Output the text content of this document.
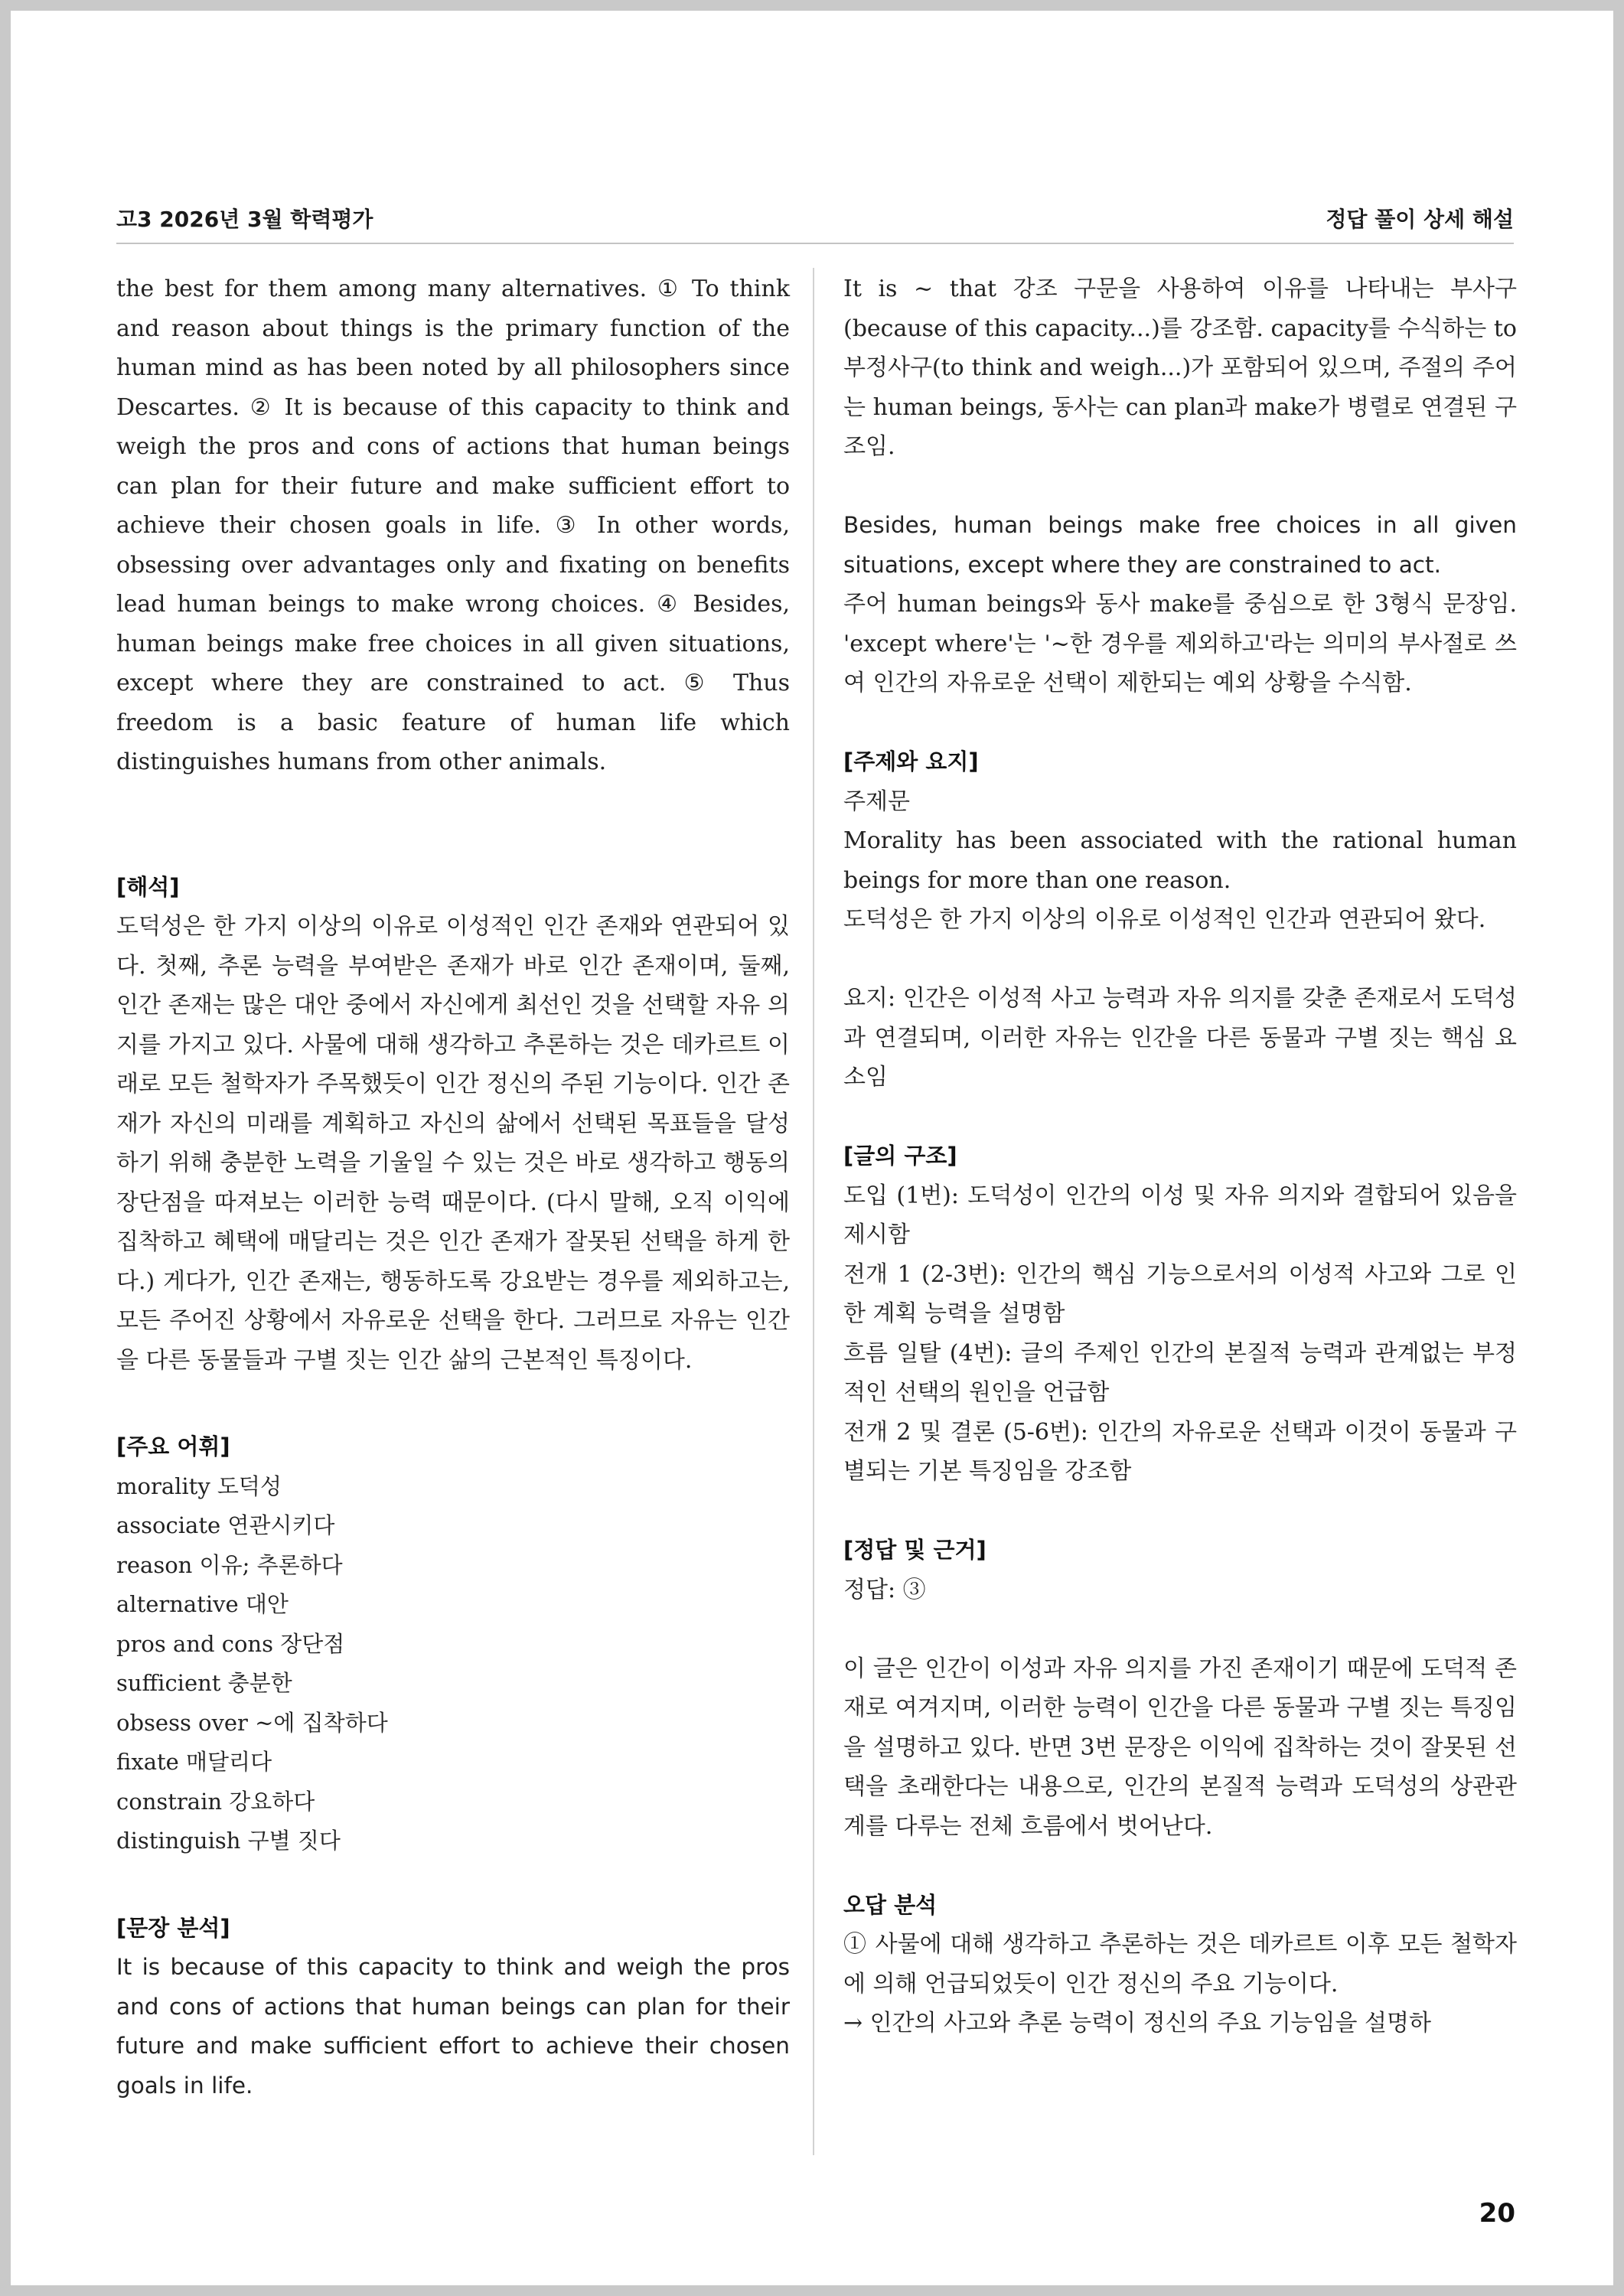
고3 2026년 3월 학력평가	정답 풀이 상세 해설

the best for them among many alternatives. ① To think and reason about things is the primary function of the human mind as has been noted by all philosophers since Descartes. ② It is because of this capacity to think and weigh the pros and cons of actions that human beings can plan for their future and make sufficient effort to achieve their chosen goals in life. ③ In other words, obsessing over advantages only and fixating on benefits lead human beings to make wrong choices. ④ Besides, human beings make free choices in all given situations, except where they are constrained to act. ⑤ Thus freedom is a basic feature of human life which distinguishes humans from other animals.

[해석]

도덕성은 한 가지 이상의 이유로 이성적인 인간 존재와 연관되어 있다. 첫째, 추론 능력을 부여받은 존재가 바로 인간 존재이며, 둘째, 인간 존재는 많은 대안 중에서 자신에게 최선인 것을 선택할 자유 의지를 가지고 있다. 사물에 대해 생각하고 추론하는 것은 데카르트 이래로 모든 철학자가 주목했듯이 인간 정신의 주된 기능이다. 인간 존재가 자신의 미래를 계획하고 자신의 삶에서 선택된 목표들을 달성하기 위해 충분한 노력을 기울일 수 있는 것은 바로 생각하고 행동의 장단점을 따져보는 이러한 능력 때문이다. (다시 말해, 오직 이익에 집착하고 혜택에 매달리는 것은 인간 존재가 잘못된 선택을 하게 한다.) 게다가, 인간 존재는, 행동하도록 강요받는 경우를 제외하고는, 모든 주어진 상황에서 자유로운 선택을 한다. 그러므로 자유는 인간을 다른 동물들과 구별 짓는 인간 삶의 근본적인 특징이다.

[주요 어휘]

morality 도덕성

associate 연관시키다

reason 이유; 추론하다

alternative 대안

pros and cons 장단점

sufficient 충분한

obsess over ~에 집착하다

fixate 매달리다

constrain 강요하다

distinguish 구별 짓다

[문장 분석]

It is because of this capacity to think and weigh the pros and cons of actions that human beings can plan for their future and make sufficient effort to achieve their chosen goals in life.

It is ~ that 강조 구문을 사용하여 이유를 나타내는 부사구(because of this capacity...)를 강조함. capacity를 수식하는 to부정사구(to think and weigh...)가 포함되어 있으며, 주절의 주어는 human beings, 동사는 can plan과 make가 병렬로 연결된 구조임.

Besides, human beings make free choices in all given situations, except where they are constrained to act.

주어 human beings와 동사 make를 중심으로 한 3형식 문장임. 'except where'는 '~한 경우를 제외하고'라는 의미의 부사절로 쓰여 인간의 자유로운 선택이 제한되는 예외 상황을 수식함.

[주제와 요지]

주제문

Morality has been associated with the rational human beings for more than one reason.

도덕성은 한 가지 이상의 이유로 이성적인 인간과 연관되어 왔다.

요지: 인간은 이성적 사고 능력과 자유 의지를 갖춘 존재로서 도덕성과 연결되며, 이러한 자유는 인간을 다른 동물과 구별 짓는 핵심 요소임

[글의 구조]

도입 (1번): 도덕성이 인간의 이성 및 자유 의지와 결합되어 있음을 제시함

전개 1 (2-3번): 인간의 핵심 기능으로서의 이성적 사고와 그로 인한 계획 능력을 설명함

흐름 일탈 (4번): 글의 주제인 인간의 본질적 능력과 관계없는 부정적인 선택의 원인을 언급함

전개 2 및 결론 (5-6번): 인간의 자유로운 선택과 이것이 동물과 구별되는 기본 특징임을 강조함

[정답 및 근거]

정답: ③

이 글은 인간이 이성과 자유 의지를 가진 존재이기 때문에 도덕적 존재로 여겨지며, 이러한 능력이 인간을 다른 동물과 구별 짓는 특징임을 설명하고 있다. 반면 3번 문장은 이익에 집착하는 것이 잘못된 선택을 초래한다는 내용으로, 인간의 본질적 능력과 도덕성의 상관관계를 다루는 전체 흐름에서 벗어난다.

오답 분석

① 사물에 대해 생각하고 추론하는 것은 데카르트 이후 모든 철학자에 의해 언급되었듯이 인간 정신의 주요 기능이다.

→ 인간의 사고와 추론 능력이 정신의 주요 기능임을 설명하

20
